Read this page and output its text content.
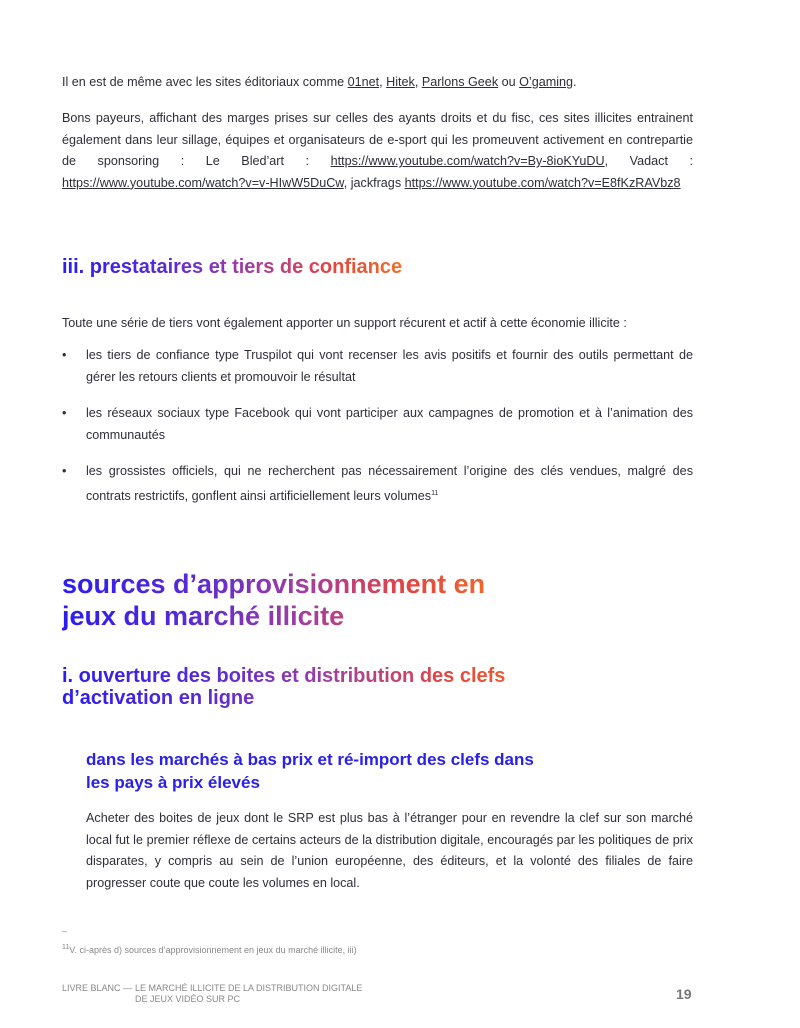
Il en est de même avec les sites éditoriaux comme 01net, Hitek, Parlons Geek ou O’gaming.

Bons payeurs, affichant des marges prises sur celles des ayants droits et du fisc, ces sites illicites entrainent également dans leur sillage, équipes et organisateurs de e-sport qui les promeuvent activement en contrepartie de sponsoring : Le Bled’art : https://www.youtube.com/watch?v=By-8ioKYuDU, Vadact : https://www.youtube.com/watch?v=v-HIwW5DuCw, jackfrags https://www.youtube.com/watch?v=E8fKzRAVbz8

iii. prestataires et tiers de confiance

Toute une série de tiers vont également apporter un support récurent et actif à cette économie illicite :

• les tiers de confiance type Truspilot qui vont recenser les avis positifs et fournir des outils permettant de gérer les retours clients et promouvoir le résultat
• les réseaux sociaux type Facebook qui vont participer aux campagnes de promotion et à l’animation des communautés
• les grossistes officiels, qui ne recherchent pas nécessairement l’origine des clés vendues, malgré des contrats restrictifs, gonflent ainsi artificiellement leurs volumes$^{11}$
sources d’approvisionnement en jeux du marché illicite
i. ouverture des boites et distribution des clefs d’activation en ligne
dans les marchés à bas prix et ré-import des clefs dans les pays à prix élevés

Acheter des boites de jeux dont le SRP est plus bas à l’étranger pour en revendre la clef sur son marché local fut le premier réflexe de certains acteurs de la distribution digitale, encouragés par les politiques de prix disparates, y compris au sein de l’union européenne, des éditeurs, et la volonté des filiales de faire progresser coute que coute les volumes en local.

–
$^{11}$V. ci-après d) sources d’approvisionnement en jeux du marché illicite, iii)
LIVRE BLANC — LE MARCHÉ ILLICITE DE LA DISTRIBUTION DIGITALE
DE JEUX VIDÉO SUR PC	19
